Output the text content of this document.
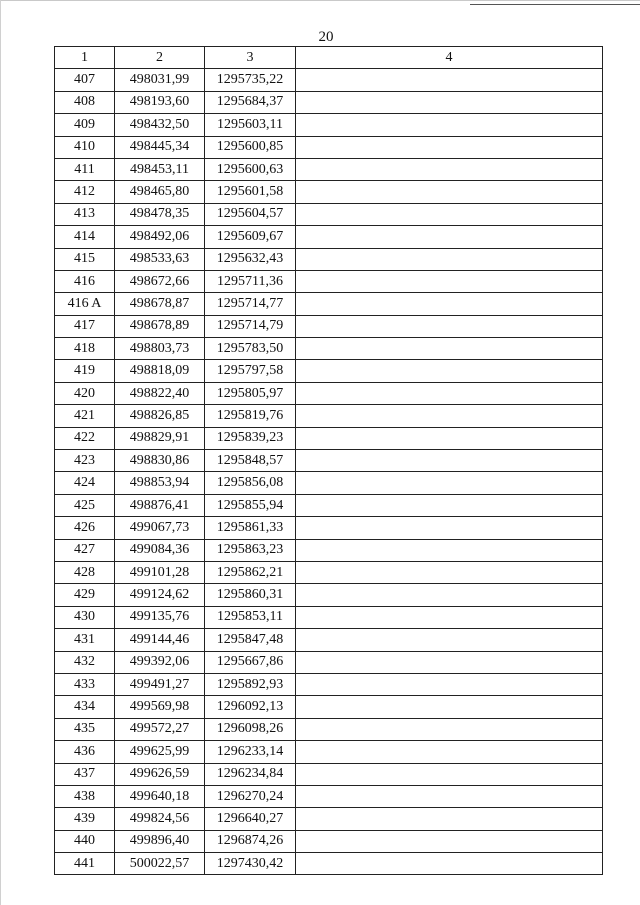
20
1	2	3	4
407	498031,99	1295735,22	
408	498193,60	1295684,37	
409	498432,50	1295603,11	
410	498445,34	1295600,85	
411	498453,11	1295600,63	
412	498465,80	1295601,58	
413	498478,35	1295604,57	
414	498492,06	1295609,67	
415	498533,63	1295632,43	
416	498672,66	1295711,36	
416 A	498678,87	1295714,77	
417	498678,89	1295714,79	
418	498803,73	1295783,50	
419	498818,09	1295797,58	
420	498822,40	1295805,97	
421	498826,85	1295819,76	
422	498829,91	1295839,23	
423	498830,86	1295848,57	
424	498853,94	1295856,08	
425	498876,41	1295855,94	
426	499067,73	1295861,33	
427	499084,36	1295863,23	
428	499101,28	1295862,21	
429	499124,62	1295860,31	
430	499135,76	1295853,11	
431	499144,46	1295847,48	
432	499392,06	1295667,86	
433	499491,27	1295892,93	
434	499569,98	1296092,13	
435	499572,27	1296098,26	
436	499625,99	1296233,14	
437	499626,59	1296234,84	
438	499640,18	1296270,24	
439	499824,56	1296640,27	
440	499896,40	1296874,26	
441	500022,57	1297430,42	
